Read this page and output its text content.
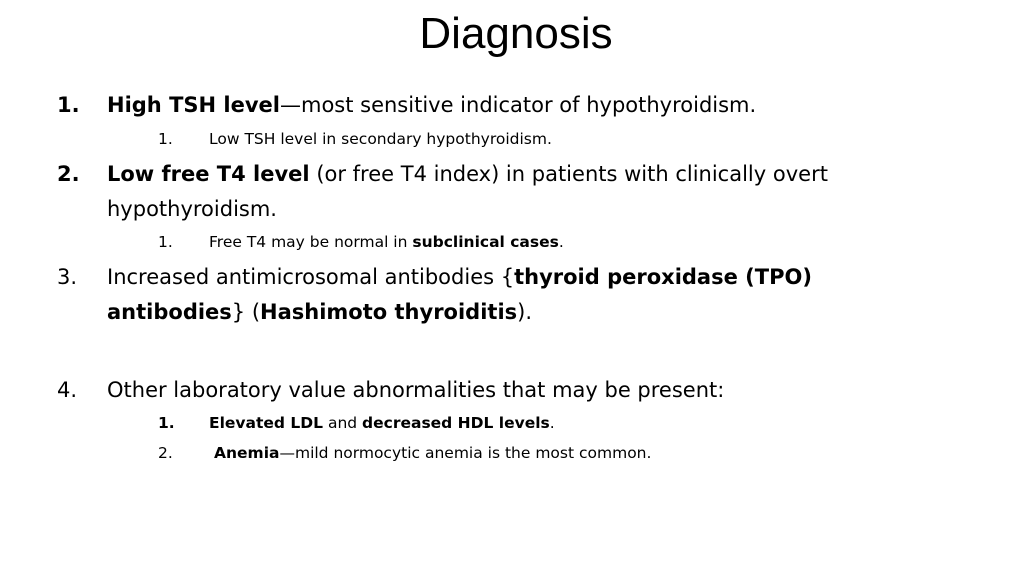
Diagnosis
1. High TSH level—most sensitive indicator of hypothyroidism.
1. Low TSH level in secondary hypothyroidism.
2. Low free T4 level (or free T4 index) in patients with clinically overt
hypothyroidism.
1. Free T4 may be normal in subclinical cases.
3. Increased antimicrosomal antibodies {thyroid peroxidase (TPO)
antibodies} (Hashimoto thyroiditis).
4. Other laboratory value abnormalities that may be present:
1. Elevated LDL and decreased HDL levels.
2.	Anemia—mild normocytic anemia is the most common.
